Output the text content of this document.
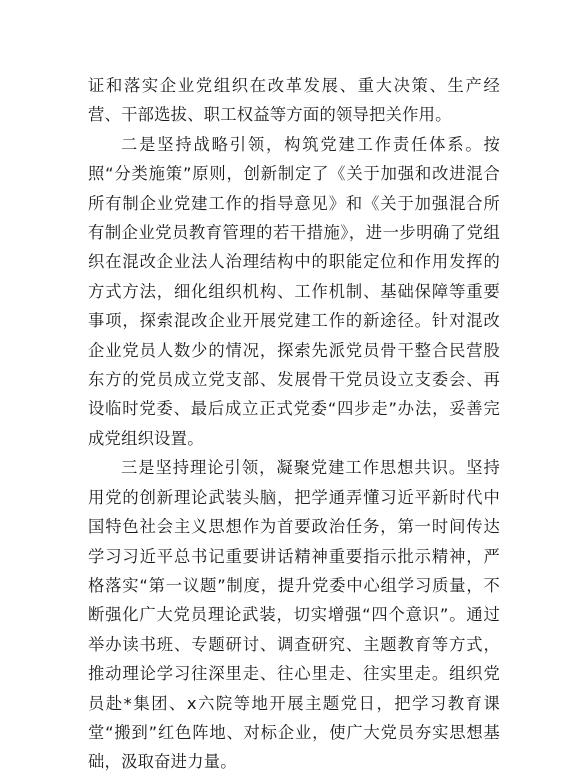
证和落实企业党组织在改革发展、重大决策、生产经营、干部选拔、职工权益等方面的领导把关作用。

二是坚持战略引领，构筑党建工作责任体系。按照“分类施策”原则，创新制定了《关于加强和改进混合所有制企业党建工作的指导意见》和《关于加强混合所有制企业党员教育管理的若干措施》，进一步明确了党组织在混改企业法人治理结构中的职能定位和作用发挥的方式方法，细化组织机构、工作机制、基础保障等重要事项，探索混改企业开展党建工作的新途径。针对混改企业党员人数少的情况，探索先派党员骨干整合民营股东方的党员成立党支部、发展骨干党员设立支委会、再设临时党委、最后成立正式党委“四步走”办法，妥善完成党组织设置。

三是坚持理论引领，凝聚党建工作思想共识。坚持用党的创新理论武装头脑，把学通弄懂习近平新时代中国特色社会主义思想作为首要政治任务，第一时间传达学习习近平总书记重要讲话精神重要指示批示精神，严格落实“第一议题”制度，提升党委中心组学习质量，不断强化广大党员理论武装，切实增强“四个意识”。通过举办读书班、专题研讨、调查研究、主题教育等方式，推动理论学习往深里走、往心里走、往实里走。组织党员赴*集团、x六院等地开展主题党日，把学习教育课堂“搬到”红色阵地、对标企业，使广大党员夯实思想基础，汲取奋进力量。
